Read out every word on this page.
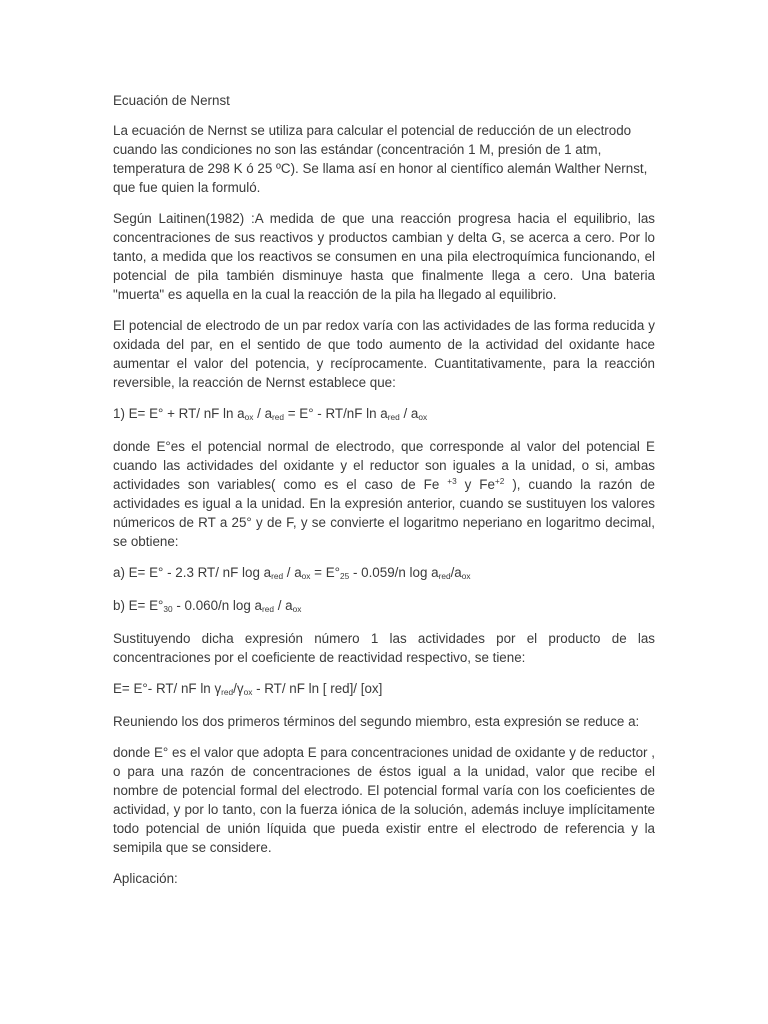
Ecuación de Nernst

La ecuación de Nernst se utiliza para calcular el potencial de reducción de un electrodo cuando las condiciones no son las estándar (concentración 1 M, presión de 1 atm, temperatura de 298 K ó 25 ºC). Se llama así en honor al científico alemán Walther Nernst, que fue quien la formuló.

Según Laitinen(1982) :A medida de que una reacción progresa hacia el equilibrio, las concentraciones de sus reactivos y productos cambian y delta G, se acerca a cero. Por lo tanto, a medida que los reactivos se consumen en una pila electroquímica funcionando, el potencial de pila también disminuye hasta que finalmente llega a cero. Una bateria "muerta" es aquella en la cual la reacción de la pila ha llegado al equilibrio.

El potencial de electrodo de un par redox varía con las actividades de las forma reducida y oxidada del par, en el sentido de que todo aumento de la actividad del oxidante hace aumentar el valor del potencia, y recíprocamente. Cuantitativamente, para la reacción reversible, la reacción de Nernst establece que:

1) E= E° + RT/ nF $\ln a_{ox} / a_{red} = E^\circ - RT/nF$ $\ln a_{red} / a_{ox}$

donde E°es el potencial normal de electrodo, que corresponde al valor del potencial E cuando las actividades del oxidante y el reductor son iguales a la unidad, o si, ambas actividades son variables( como es el caso de Fe $^{+3}$ y $Fe^{+2}$ ), cuando la razón de actividades es igual a la unidad. En la expresión anterior, cuando se sustituyen los valores númericos de RT a 25° y de F, y se convierte el logaritmo neperiano en logaritmo decimal, se obtiene:

a) E= E° - 2.3 RT/ nF $\log a_{red} / a_{ox} = E^\circ_{25} - 0.059/n$ $\log a_{red}/a_{ox}$

b) $E= E^\circ_{30} - 0.060/n$ $\log a_{red} / a_{ox}$

Sustituyendo dicha expresión número 1 las actividades por el producto de las concentraciones por el coeficiente de reactividad respectivo, se tiene:

E= E°- RT/ nF $\ln \gamma_{red}/\gamma_{ox} - RT/$ nF ln [ red]/ [ox]

Reuniendo los dos primeros términos del segundo miembro, esta expresión se reduce a:

donde E° es el valor que adopta E para concentraciones unidad de oxidante y de reductor , o para una razón de concentraciones de éstos igual a la unidad, valor que recibe el nombre de potencial formal del electrodo. El potencial formal varía con los coeficientes de actividad, y por lo tanto, con la fuerza iónica de la solución, además incluye implícitamente todo potencial de unión líquida que pueda existir entre el electrodo de referencia y la semipila que se considere.

Aplicación:
